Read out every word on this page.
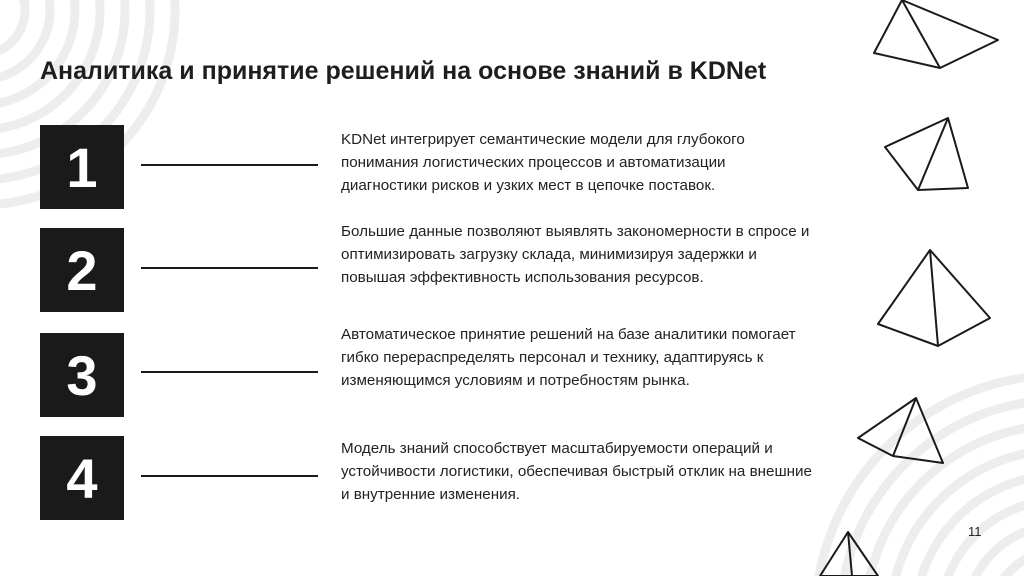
Аналитика и принятие решений на основе знаний в KDNet
1	KDNet интегрирует семантические модели для глубокого понимания логистических процессов и автоматизации диагностики рисков и узких мест в цепочке поставок.
2
Большие данные позволяют выявлять закономерности в спросе и оптимизировать загрузку склада, минимизируя задержки и повышая эффективность использования ресурсов.
3
Автоматическое принятие решений на базе аналитики помогает гибко перераспределять персонал и технику, адаптируясь к изменяющимся условиям и потребностям рынка.
4	Модель знаний способствует масштабируемости операций и устойчивости логистики, обеспечивая быстрый отклик на внешние и внутренние изменения.
11
